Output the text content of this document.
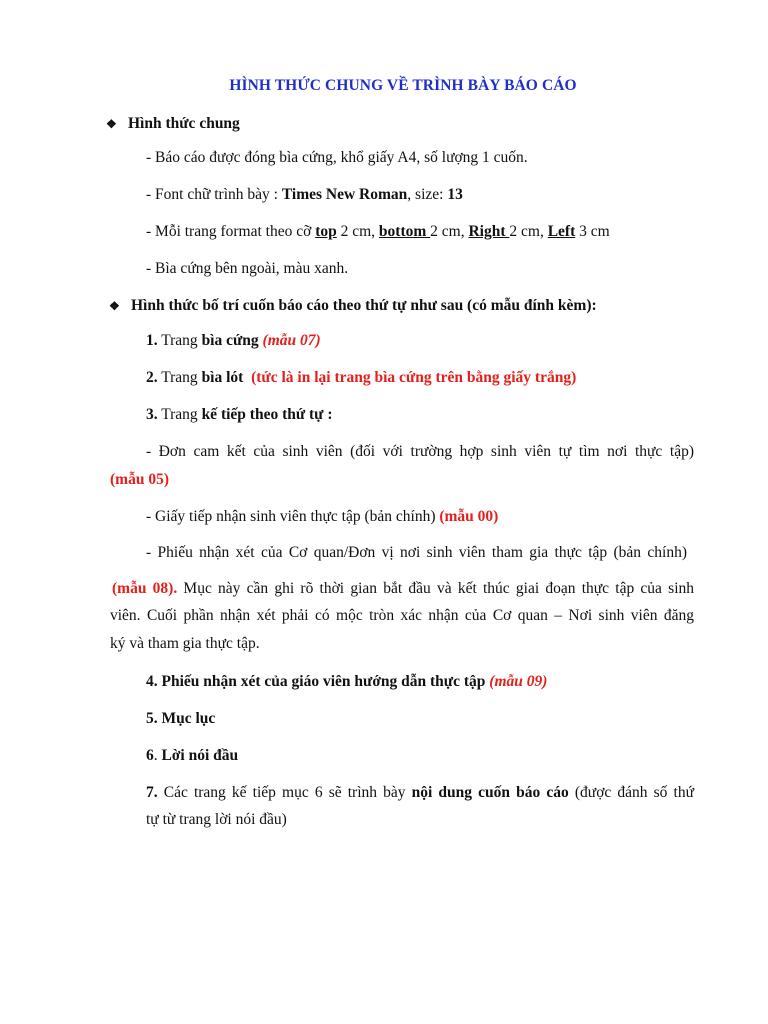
HÌNH THỨC CHUNG VỀ TRÌNH BÀY BÁO CÁO
❖ Hình thức chung
- Báo cáo được đóng bìa cứng, khổ giấy A4, số lượng 1 cuốn.
- Font chữ trình bày : Times New Roman, size: 13
- Mỗi trang format theo cỡ top 2 cm, bottom 2 cm, Right 2 cm, Left 3 cm
- Bìa cứng bên ngoài, màu xanh.
❖ Hình thức bố trí cuốn báo cáo theo thứ tự như sau (có mẫu đính kèm):
1. Trang bìa cứng (mẫu 07)
2. Trang bìa lót (tức là in lại trang bìa cứng trên bằng giấy trắng)
3. Trang kế tiếp theo thứ tự :
- Đơn cam kết của sinh viên (đối với trường hợp sinh viên tự tìm nơi thực tập)
(mẫu 05)
- Giấy tiếp nhận sinh viên thực tập (bản chính) (mẫu 00)
- Phiếu nhận xét của Cơ quan/Đơn vị nơi sinh viên tham gia thực tập (bản chính)
(mẫu 08). Mục này cần ghi rõ thời gian bắt đầu và kết thúc giai đoạn thực tập của sinh
viên. Cuối phần nhận xét phải có mộc tròn xác nhận của Cơ quan – Nơi sinh viên đăng
ký và tham gia thực tập.
4. Phiếu nhận xét của giáo viên hướng dẫn thực tập (mẫu 09)
5. Mục lục
6. Lời nói đầu
7. Các trang kế tiếp mục 6 sẽ trình bày nội dung cuốn báo cáo (được đánh số thứ
tự từ trang lời nói đầu)
